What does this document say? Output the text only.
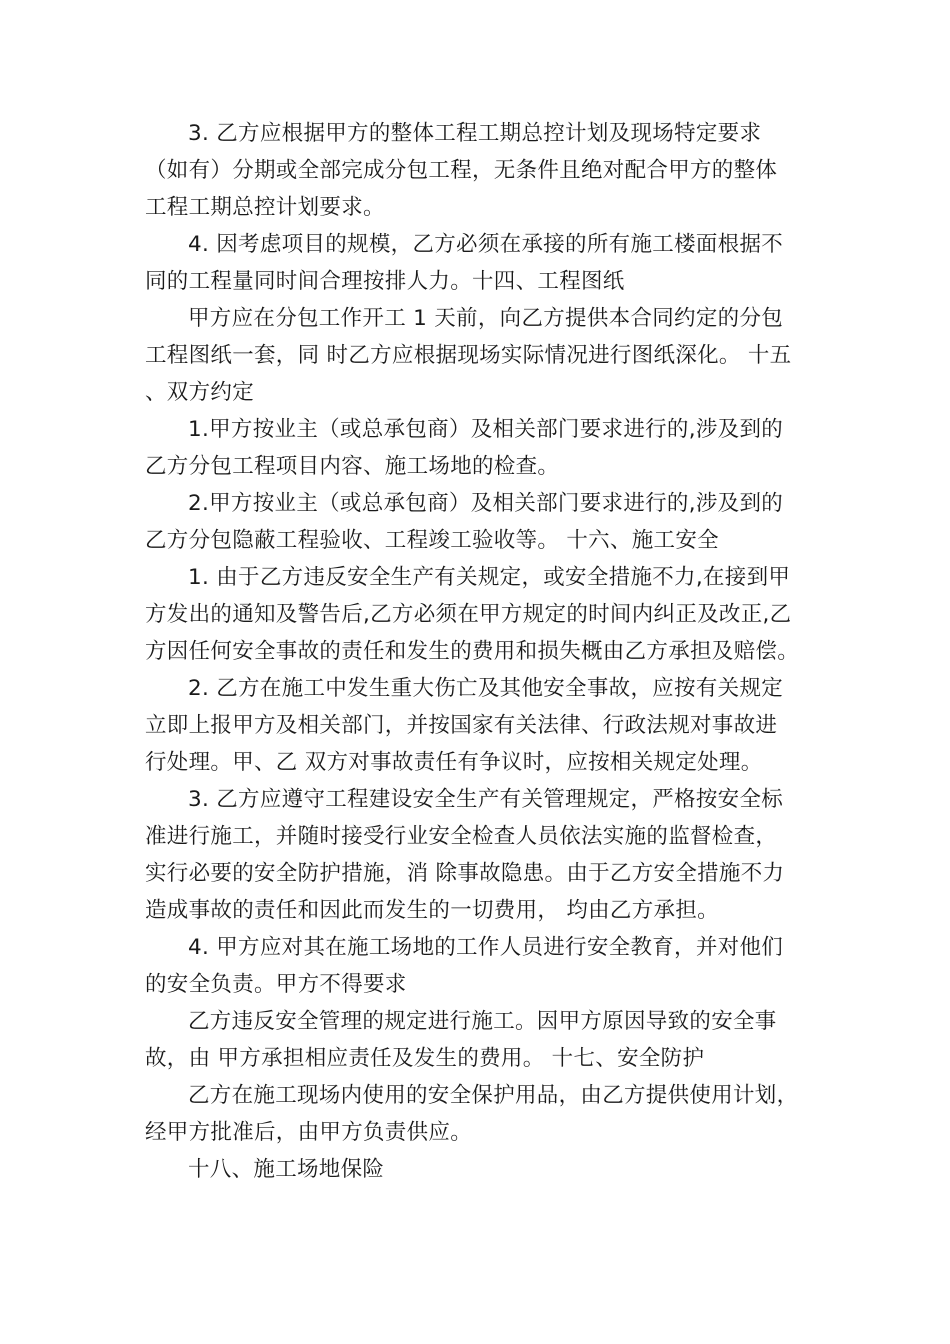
3. 乙方应根据甲方的整体工程工期总控计划及现场特定要求
（如有）分期或全部完成分包工程，无条件且绝对配合甲方的整体
工程工期总控计划要求。
4. 因考虑项目的规模，乙方必须在承接的所有施工楼面根据不
同的工程量同时间合理按排人力。十四、工程图纸
甲方应在分包工作开工 1 天前，向乙方提供本合同约定的分包
工程图纸一套，同 时乙方应根据现场实际情况进行图纸深化。 十五
、双方约定
1.甲方按业主（或总承包商）及相关部门要求进行的,涉及到的
乙方分包工程项目内容、施工场地的检查。
2.甲方按业主（或总承包商）及相关部门要求进行的,涉及到的
乙方分包隐蔽工程验收、工程竣工验收等。 十六、施工安全
1. 由于乙方违反安全生产有关规定，或安全措施不力,在接到甲
方发出的通知及警告后,乙方必须在甲方规定的时间内纠正及改正,乙
方因任何安全事故的责任和发生的费用和损失概由乙方承担及赔偿。
2. 乙方在施工中发生重大伤亡及其他安全事故，应按有关规定
立即上报甲方及相关部门，并按国家有关法律、行政法规对事故进
行处理。甲、乙 双方对事故责任有争议时，应按相关规定处理。
3. 乙方应遵守工程建设安全生产有关管理规定，严格按安全标
准进行施工，并随时接受行业安全检查人员依法实施的监督检查，
实行必要的安全防护措施，消 除事故隐患。由于乙方安全措施不力
造成事故的责任和因此而发生的一切费用， 均由乙方承担。
4. 甲方应对其在施工场地的工作人员进行安全教育，并对他们
的安全负责。甲方不得要求
乙方违反安全管理的规定进行施工。因甲方原因导致的安全事
故，由 甲方承担相应责任及发生的费用。 十七、安全防护
乙方在施工现场内使用的安全保护用品，由乙方提供使用计划，
经甲方批准后，由甲方负责供应。
十八、施工场地保险
